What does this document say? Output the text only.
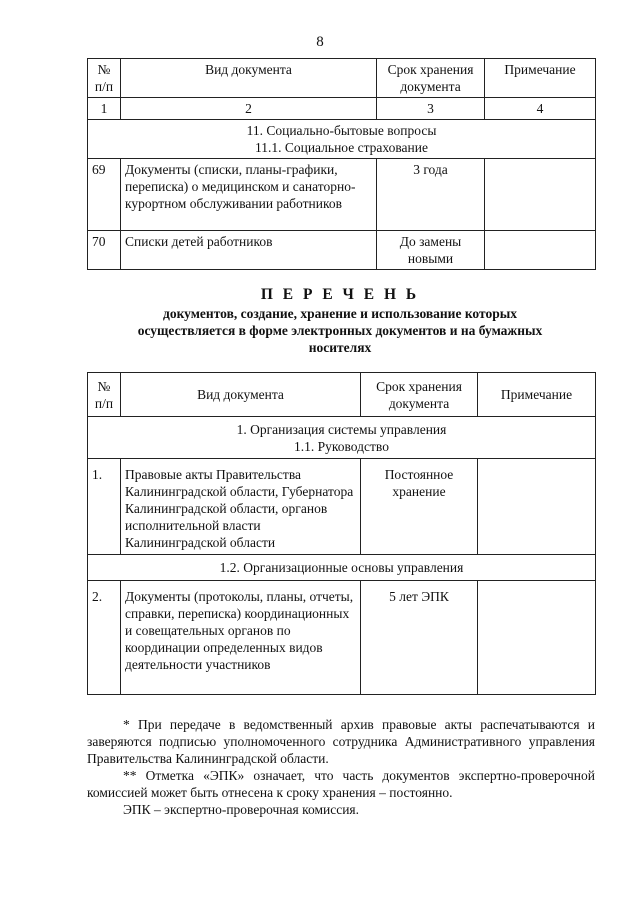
8
№ п/п	Вид документа	Срок хранения документа	Примечание
1	2	3	4

11. Социально-бытовые вопросы
11.1. Социальное страхование			

69	Документы (списки, планы-графики, переписка) о медицинском и санаторно-курортном обслуживании работников	3 года	
70	Списки детей работников	До замены новыми	
П Е Р Е Ч Е Н Ь
документов, создание, хранение и использование которых осуществляется в форме электронных документов и на бумажных носителях
№ п/п	Вид документа	Срок хранения документа	Примечание

1. Организация системы управления
1.1. Руководство			

1.	Правовые акты Правительства Калининградской области, Губернатора Калининградской области, органов исполнительной власти Калининградской области	Постоянное хранение	
1.2. Организационные основы управления			
2.	Документы (протоколы, планы, отчеты, справки, переписка) координационных и совещательных органов по координации определенных видов деятельности участников	5 лет ЭПК	

* При передаче в ведомственный архив правовые акты распечатываются и заверяются подписью уполномоченного сотрудника Административного управления Правительства Калининградской области.

** Отметка «ЭПК» означает, что часть документов экспертно-проверочной комиссией может быть отнесена к сроку хранения – постоянно.

ЭПК – экспертно-проверочная комиссия.
